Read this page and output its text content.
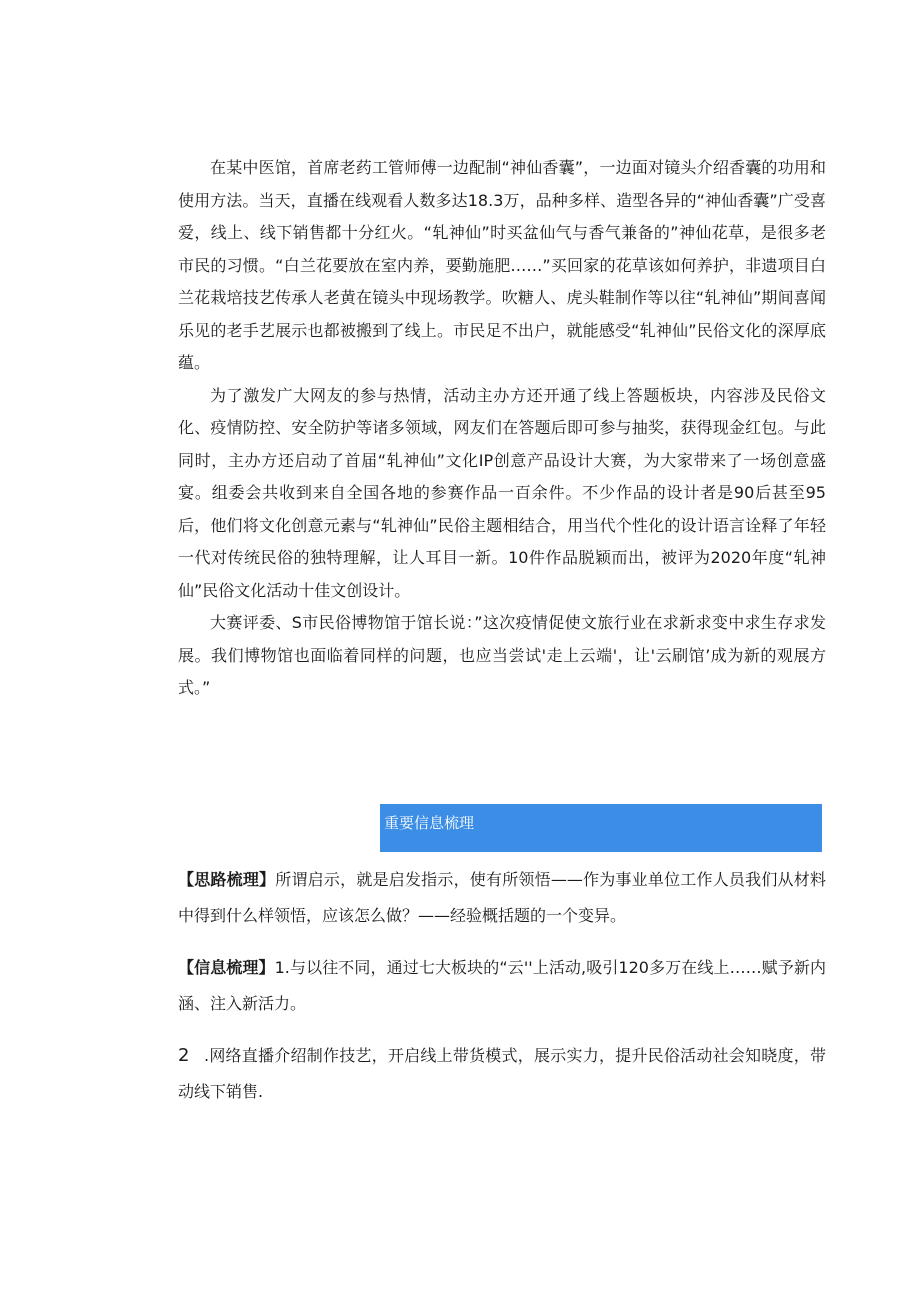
在某中医馆，首席老药工管师傅一边配制“神仙香囊”，一边面对镜头介绍香囊的功用和使用方法。当天，直播在线观看人数多达18.3万，品种多样、造型各异的“神仙香囊”广受喜爱，线上、线下销售都十分红火。“轧神仙”时买盆仙气与香气兼备的”神仙花草，是很多老市民的习惯。“白兰花要放在室内养，要勤施肥……”买回家的花草该如何养护，非遗项目白兰花栽培技艺传承人老黄在镜头中现场教学。吹糖人、虎头鞋制作等以往“轧神仙”期间喜闻乐见的老手艺展示也都被搬到了线上。市民足不出户，就能感受“轧神仙”民俗文化的深厚底蕴。

为了激发广大网友的参与热情，活动主办方还开通了线上答题板块，内容涉及民俗文化、疫情防控、安全防护等诸多领域，网友们在答题后即可参与抽奖，获得现金红包。与此同时，主办方还启动了首届“轧神仙”文化IP创意产品设计大赛，为大家带来了一场创意盛宴。组委会共收到来自全国各地的参赛作品一百余件。不少作品的设计者是90后甚至95后，他们将文化创意元素与“轧神仙”民俗主题相结合，用当代个性化的设计语言诠释了年轻一代对传统民俗的独特理解，让人耳目一新。10件作品脱颖而出，被评为2020年度“轧神仙”民俗文化活动十佳文创设计。

大赛评委、S市民俗博物馆于馆长说：”这次疫情促使文旅行业在求新求变中求生存求发展。我们博物馆也面临着同样的问题，也应当尝试'走上云端'，让'云刷馆’成为新的观展方式。”

重要信息梳理

【思路梳理】所谓启示，就是启发指示，使有所领悟——作为事业单位工作人员我们从材料中得到什么样领悟，应该怎么做？——经验概括题的一个变异。

【信息梳理】1.与以往不同，通过七大板块的“云''上活动,吸引120多万在线上……赋予新内涵、注入新活力。

2 .网络直播介绍制作技艺，开启线上带货模式，展示实力，提升民俗活动社会知晓度，带动线下销售.
